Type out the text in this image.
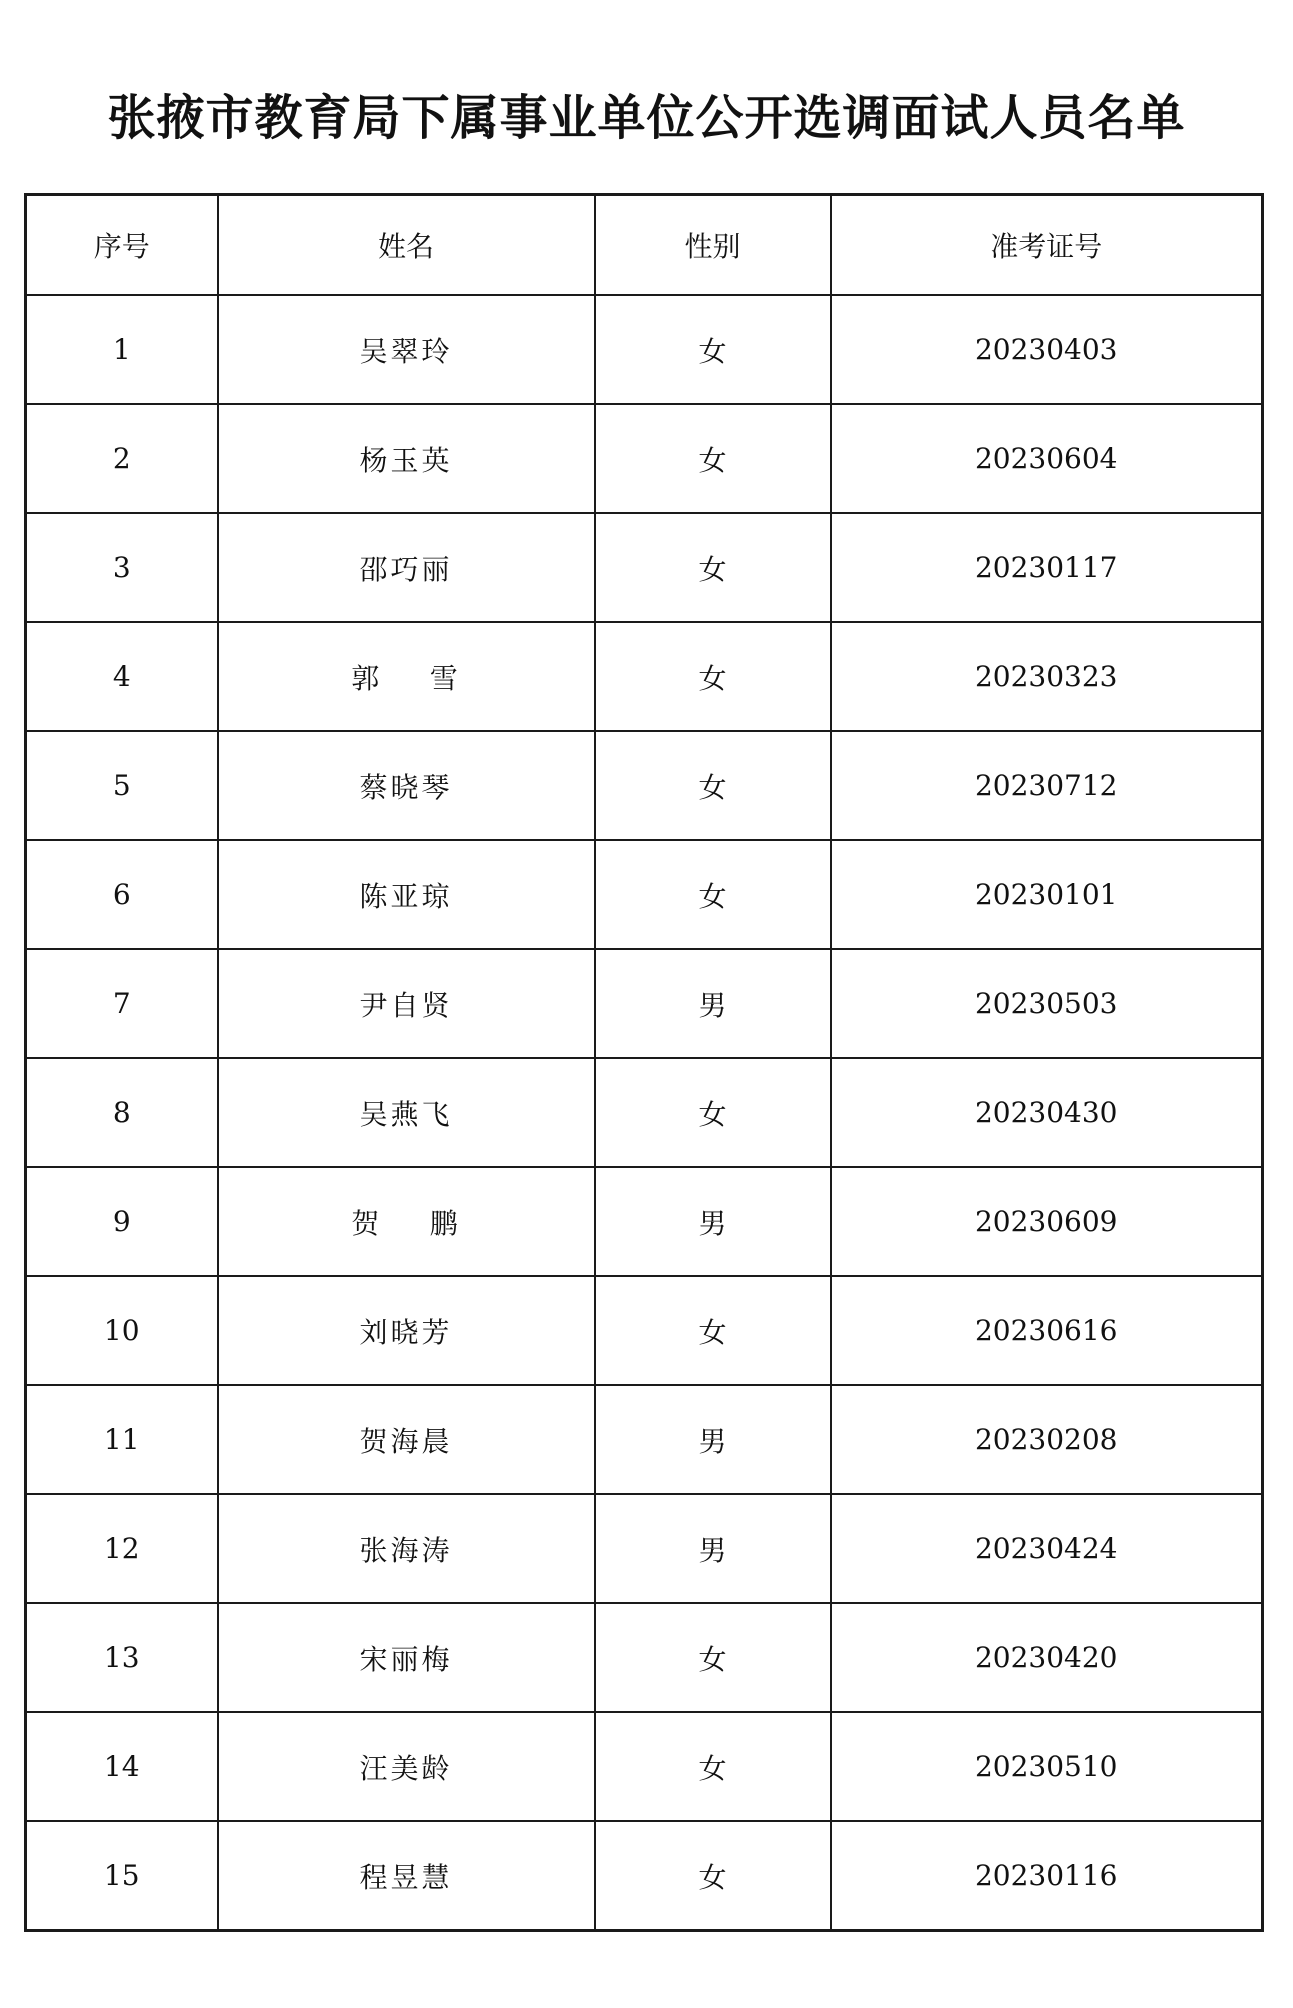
张掖市教育局下属事业单位公开选调面试人员名单
序号	姓名	性别	准考证号
1	吴翠玲	女	20230403
2	杨玉英	女	20230604
3	邵巧丽	女	20230117
4	郭    雪	女	20230323
5	蔡晓琴	女	20230712
6	陈亚琼	女	20230101
7	尹自贤	男	20230503
8	吴燕飞	女	20230430
9	贺    鹏	男	20230609
10	刘晓芳	女	20230616
11	贺海晨	男	20230208
12	张海涛	男	20230424
13	宋丽梅	女	20230420
14	汪美龄	女	20230510
15	程昱慧	女	20230116
